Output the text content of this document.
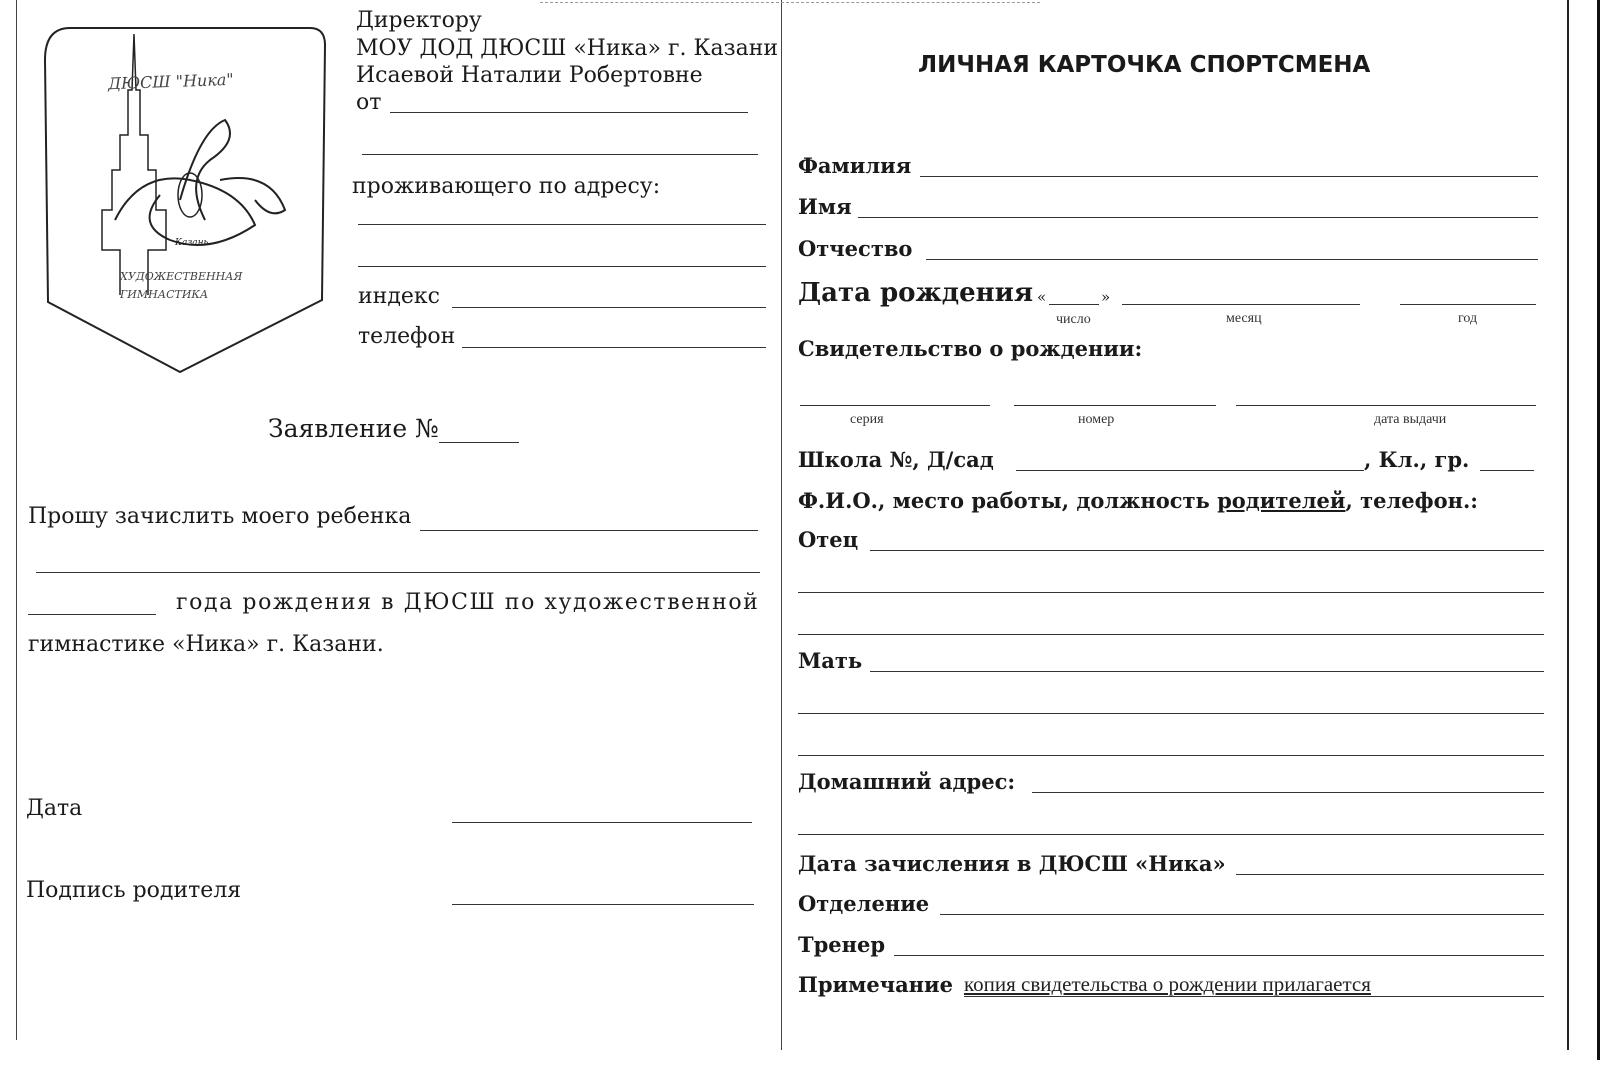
ДЮСШ "Ника"
Казань
ХУДОЖЕСТВЕННАЯ
ГИМНАСТИКА
Директору
МОУ ДОД ДЮСШ «Ника» г. Казани
Исаевой Наталии Робертовне
от
проживающего по адресу:
индекс
телефон
Заявление №
Прошу зачислить моего ребенка
года рождения в ДЮСШ по художественной
гимнастике «Ника» г. Казани.
Дата
Подпись родителя
ЛИЧНАЯ КАРТОЧКА СПОРТСМЕНА
Фамилия
Имя
Отчество
Дата рождения «	»
число	месяц	год
Свидетельство о рождении:
серия	номер	дата выдачи
Школа №, Д/сад	, Кл., гр.
Ф.И.О., место работы, должность родителей, телефон.:
Отец
Мать
Домашний адрес:
Дата зачисления в ДЮСШ «Ника»
Отделение
Тренер
Примечание копия свидетельства о рождении прилагается
